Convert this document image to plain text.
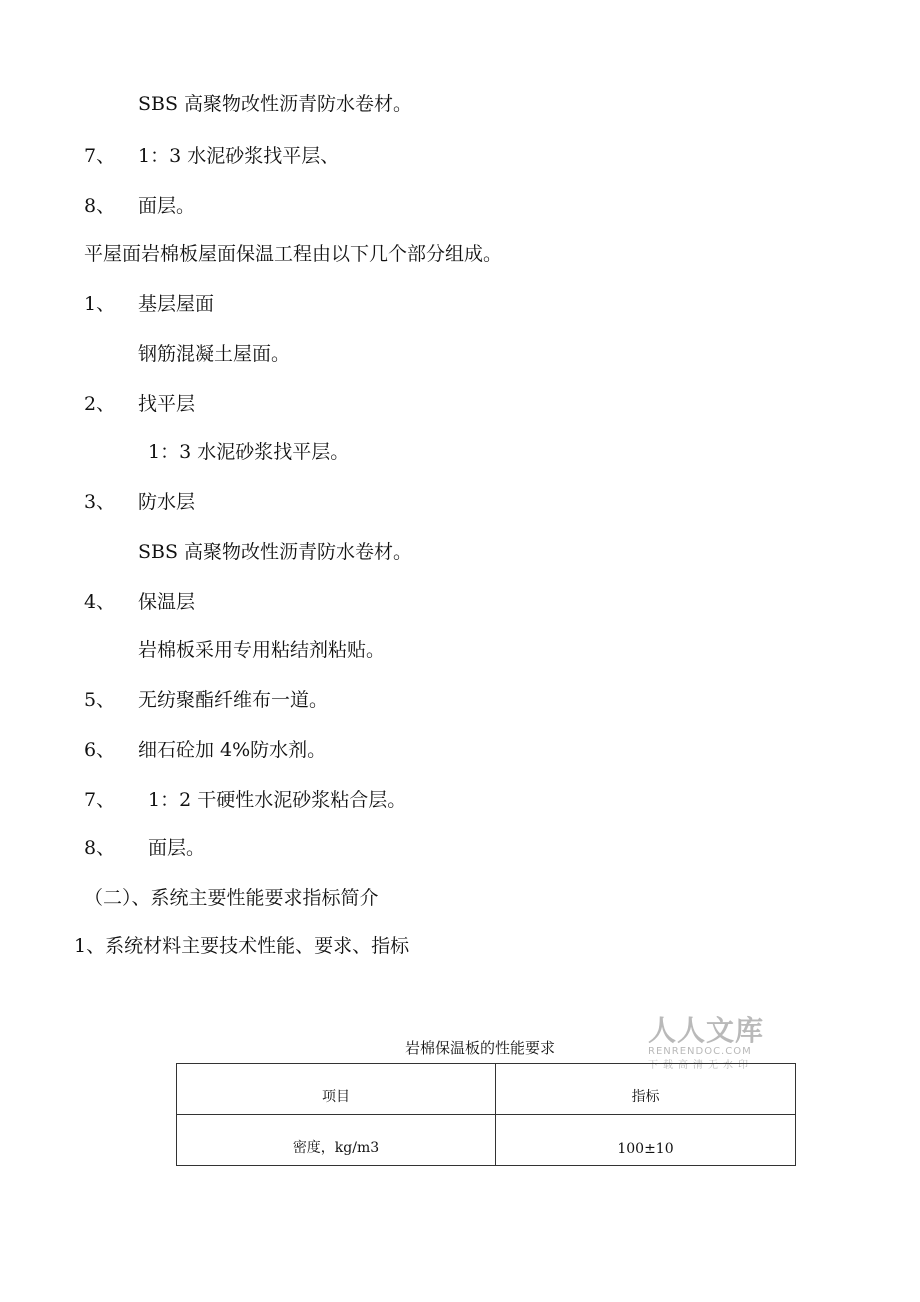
SBS 高聚物改性沥青防水卷材。
7、 1：3 水泥砂浆找平层、
8、 面层。
平屋面岩棉板屋面保温工程由以下几个部分组成。
1、 基层屋面
钢筋混凝土屋面。
2、 找平层
1：3 水泥砂浆找平层。
3、 防水层
SBS 高聚物改性沥青防水卷材。
4、 保温层
岩棉板采用专用粘结剂粘贴。
5、 无纺聚酯纤维布一道。
6、 细石砼加 4%防水剂。
7、 1：2 干硬性水泥砂浆粘合层。
8、 面层。
（二）、系统主要性能要求指标简介
1、系统材料主要技术性能、要求、指标
岩棉保温板的性能要求
人人文库
RENRENDOC.COM
下载高清无水印
项目	指标
密度，kg/m3	100±10
